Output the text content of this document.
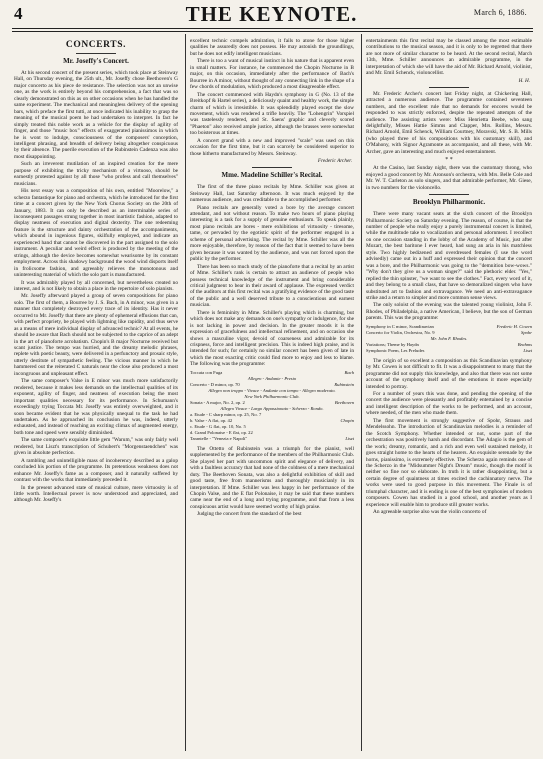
4	THE KEYNOTE.	March 6, 1886.
CONCERTS.
Mr. Joseffy's Concert.

At his second concert of the present series, which took place at Steinway Hall, on Thursday evening, the 25th ult., Mr. Joseffy chose Beethoven's G major concerto as his piece de resistance. The selection was not an unwise one, as the work is entirely beyond his comprehension, a fact that was so clearly demonstrated on this as on other occasions when he has handled the same experiment. The mechanical and meaningless delivery of the opening bars, which preface the first tutti, at once indicated his inability to grasp the meaning of the musical poem he had undertaken to interpret. In fact he simply treated this noble work as a vehicle for the display of agility of finger, and those "music box" effects of exaggerated pianissimos in which he is wont to indulge, consciousness of the composers' conception, intelligent phrasing, and breadth of delivery being altogether conspicuous by their absence. The puerile execution of the Rubinstein Cadenza was also most disappointing.

Such an irreverent mutilation of an inspired creation for the mere purpose of exhibiting the tricky mechanism of a virtuoso, should be earnestly protested against by all those "who profess and call themselves" musicians.

His next essay was a composition of his own, entitled "Moorelow," a scherzo fantastique for piano and orchestra, which he introduced for the first time at a concert given by the New York Chorus Society on the 20th of January, 1883. It can only be described as an interminable series of inconsequent passages strung together in most inartistic fashion, adapted to display neatness of execution and digital dexterity. The one redeeming feature is the structure and dainty orchestration of the accompaniments, which abound in ingenious figures, skilfully employed, and indicate an experienced hand that cannot be discovered in the part assigned to the solo instrument. A peculiar and weird effect is produced by the meeting of the strings, although the device becomes somewhat wearisome by its constant employment. Across this shadowy background the wood wind disports itself in frolicsome fashion, and agreeably relieves the monotonous and uninteresting material of which the solo part is manufactured.

It was admirably played by all concerned, but nevertheless created no interest, and is not likely to obtain a place in the repertoire of solo pianists.

Mr. Joseffy afterward played a group of seven compositions for piano solo. The first of them, a Bourree by J. S. Bach, in A minor, was given in a manner that completely destroyed every trace of its identity. Has it never occurred to Mr. Joseffy that there are plenty of ephemeral effusions that can, with perfect propriety, be played with lightning like rapidity, and thus serve as a means of mere individual display of advanced technic? At all events, he should be aware that Bach should not be subjected to the caprice of an adept in the art of pianoforte acrobatism. Chopin's B major Nocturne received but scant justice. The tempo was hurried, and the dreamy melodic phrases, replete with poetic beauty, were delivered in a perfunctory and prosaic style, utterly destitute of sympathetic feeling. The vicious manner in which he hammered out the reiterated C naturals near the close also produced a most incongruous and unpleasant effect.

The same composer's Valse in E minor was much more satisfactorily rendered, because it makes less demands on the intellectual qualities of its exponent, agility of finger, and neatness of execution being the most important qualities necessary for its performance. In Schumann's exceedingly trying Toccata Mr. Joseffy was entirely overweighted, and it soon became evident that he was physically unequal to the task he had undertaken. As he approached its conclusion he was, indeed, utterly exhausted, and instead of reaching an exciting climax of augmented energy, both tone and speed were sensibly diminished.

The same composer's exquisite little gem "Warum," was only fairly well rendered, but Liszt's transcription of Schubert's "Morgenstaendchen" was given in absolute perfection.

A rambling and unintelligible mass of incoherency described as a galop concluded his portion of the programme. Its pretentious weakness does not enhance Mr. Joseffy's fame as a composer, and it naturally suffered by contrast with the works that immediately preceded it.

In the present advanced state of musical culture, mere virtuosity is of little worth. Intellectual power is now understood and appreciated, and although Mr. Joseffy's

excellent technic compels admiration, it fails to atone for those higher qualities he assuredly does not possess. He may astonish the groundlings, but he does not edify intelligent musicians.

There is too a want of musical instinct in his nature that is apparent even in small matters. For instance, he commenced the Chopin Nocturne in B major, on this occasion, immediately after the performance of Bach's Bourree in A minor, without thought of any connecting link in the shape of a few chords of modulation, which produced a most disagreeable effect.

The concert commenced with Haydn's symphony in G (No. 13 of the Breitkopf & Hartel series), a deliciously quaint and healthy work, the simple charm of which is irresistible. It was splendidly played except the slow movement, which was rendered a trifle heavily. The "Lohengrin" Vorspiel was tastelessly rendered, and St. Saens' graphic and cleverly scored "Phaeton" also received ample justice, although the brasses were somewhat too boisterous at times.

A concert grand with a new and improved "scale" was used on this occasion for the first time, but it can scarcely be considered superior to those hitherto manufactured by Messrs. Steinway.

Frederic Archer.
Mme. Madeline Schiller's Recital.

The first of the three piano recitals by Mme. Schiller was given at Steinway Hall, last Saturday afternoon. It was much enjoyed by the numerous audience, and was creditable to the accomplished performer.

Piano recitals are generally voted a bore by the average concert attendant, and not without reason. To make two hours of piano playing interesting is a task for a supply of genuine enthusiasm. To speak plainly, most piano recitals are bores - mere exhibitions of virtuosity - tiresome, tame, or pervaded by the egotistic spirit of the performer engaged in a scheme of personal advertising. The recital by Mme. Schiller was all the more enjoyable, therefore, by reason of the fact that it seemed to have been given because it was wanted by the audience, and was not forced upon the public by the performer.

There has been so much study of the pianoforte that a recital by an artist of Mme. Schiller's rank is certain to attract an audience of people who possess technical knowledge of the instrument and bring considerable critical judgment to bear in their award of applause. The expressed verdict of the auditors at this first recital was a gratifying evidence of the good taste of the public and a well deserved tribute to a conscientious and earnest musician.

There is femininity in Mme. Schiller's playing which is charming, but which does not make any demands on one's sympathy or indulgence, for she is not lacking in power and decision. In the greater moods it is the expression of gracefulness and intellectual refinement, and on occasion she shows a masculine vigor, devoid of coarseness and admirable for its crispness, force and intelligent precision. This is indeed high praise, and is intended for such; for certainly no similar concert has been given of late in which the most exacting critic could find more to enjoy and less to blame. The following was the programme:

Toccata con Fuga	Bach
Allegro - Andante - Presto
Concerto - D minor, op. 70	Rubinstein
Allegro non troppo - Vivace - Andante con tempo - Allegro moderato.
New York Philharmonic Club.
Sonata - A major, No. 2, op. 2	Beethoven
Allegro Vivace - Largo Appassionato - Scherzo - Rondo.
a. Etude - C sharp minor, op. 25, No. 7
b. Valse - A flat, op. 42	Chopin
c. Etude - G flat, op. 10, No. 5
d. Grand Polonaise - E flat, op. 22
Tarantelle - "Venezia e Napoli"	Liszt

The Ottetto of Rubinstein was a triumph for the pianist, well supplemented by the performance of the members of the Philharmonic Club. She played her part with uncommon spirit and elegance of delivery, and with a faultless accuracy that had none of the coldness of a mere mechanical duty. The Beethoven Sonata, was also a delightful exhibition of skill and good taste, free from mannerisms and thoroughly musicianly in its interpretation. If Mme. Schiller was less happy in her performance of the Chopin Valse, and the E flat Polonaise, it may be said that these numbers came near the end of a long and trying programme, and that from a less conspicuous artist would have seemed worthy of high praise.

Judging the concert from the standard of the best

entertainments this first recital may be classed among the most estimable contributions to the musical season, and it is only to be regretted that there are not more of similar character to be heard. At the second recital, March 13th, Mme. Schiller announces an admirable programme, in the interpretation of which she will have the aid of Mr. Richard Arnold, violinist, and Mr. Emil Schenck, violoncellist.

H. H.

Mr. Frederic Archer's concert last Friday night, at Chickering Hall, attracted a numerous audience. The programme contained seventeen numbers, and the excellent rule that no demands for encores would be responded to was strictly enforced, despite the repeated attempts of the audience. The assisting artists were: Miss Henrietta Beebe, who sang delightfully, Misses Hattie Simms and Clapper, Mrs. Rollins, Messrs. Richard Arnold, Emil Schenck, William Courtney, Moravski, Mr. S. B. Mills (who played three of his compositions with his customary skill), and O'Mahony, with Signor Agramonte as accompanist, and all these, with Mr. Archer, gave an interesting and much enjoyed entertainment.

* *

At the Casino, last Sunday night, there was the customary throng, who enjoyed a good concert by Mr. Aronson's orchestra, with Mrs. Belle Cole and Mr. W. T. Carleton as solo singers, and that admirable performer, Mr. Giese, in two numbers for the violoncello.

Brooklyn Philharmonic.

There were many vacant seats at the sixth concert of the Brooklyn Philharmonic Society on Saturday evening. The reason, of course, is that the number of people who really enjoy a purely instrumental concert is limited, while the multitude take to vocalization and personal adornment. I recollect on one occasion standing in the lobby of the Academy of Music, just after Mozart, the best baritone I ever heard, had sung an aria in his matchless style. Two highly bedizened and overdressed females (I use the word advisedly) came out in a huff and expressed their opinion that the concert was a bore, and the Philharmonic was going to the "demnition bow-wows." "Why don't they give us a woman singer?" said the plethoric elder. "Yes," replied the thin spinster, "we want to see the clothes." Fact, every word of it, and they belong to a small class, that have so demoralized singers who have substituted art to fashion and extravagance. We need an anti-extravagance strike and a return to simpler and more common sense views.

The only soloist of the evening was the talented young violinist, John F. Rhodes, of Philadelphia, a native American, I believe, but the son of German parents. This was the programme:

Symphony in C minor, Scandinavian	Frederic H. Cowen
Concerto for Violin, Orchestra, No. 9	Spohr
Mr. John F. Rhodes.
Variations; Theme by Haydn	Brahms
Symphonic Poem, Les Preludes	Liszt

The origin of so excellent a composition as this Scandinavian symphony by Mr. Cowen is not difficult to fit. It was a disappointment to many that the programme did not supply this knowledge, and also that there was not some account of the symphony itself and of the emotions it more especially intended to portray.

For a number of years this was done, and pending the opening of the concert the audience were pleasantly and profitably entertained by a concise and intelligent description of the works to be performed, and an account, where needed, of the men who made them.

The first movement is strongly suggestive of Spohr, Strauss and Mendelssohn. The introduction of Scandinavian melodies is a reminder of the Scotch Symphony. Whether intended or not, some part of the orchestration was positively harsh and discordant. The Adagio is the gem of the work; dreamy, romantic, and a rich and even well sustained melody, it goes straight home to the hearts of the hearers. An exquisite serenade by the horns, pianissimo, is extremely effective. The Scherzo again reminds one of the Scherzo in the "Midsummer Night's Dream" music, though the motif is neither so fine nor so elaborate. In truth it is rather disappointing, but a certain degree of quaintness at times excited the cachinnatory nerve. The works were used to good purpose in this movement. The Finale is of triumphal character, and it is ending is one of the best symphonies of modern composers. Cowen has studied in a good school, and another years as I experience will enable him to produce still greater works.

An agreeable surprise also was the violin concerto of
